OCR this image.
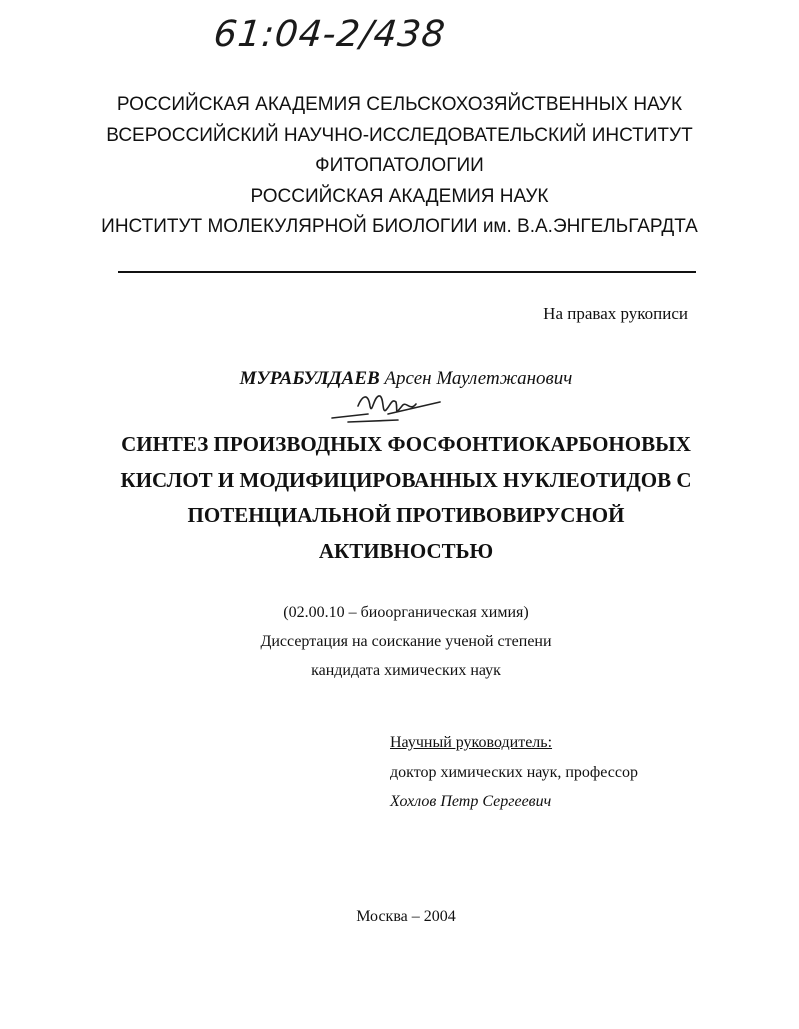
61:04-2/438
РОССИЙСКАЯ АКАДЕМИЯ СЕЛЬСКОХОЗЯЙСТВЕННЫХ НАУК
ВСЕРОССИЙСКИЙ НАУЧНО-ИССЛЕДОВАТЕЛЬСКИЙ ИНСТИТУТ
ФИТОПАТОЛОГИИ
РОССИЙСКАЯ АКАДЕМИЯ НАУК
ИНСТИТУТ МОЛЕКУЛЯРНОЙ БИОЛОГИИ им. В.А.ЭНГЕЛЬГАРДТА
На правах рукописи
МУРАБУЛДАЕВ Арсен Маулетжанович
СИНТЕЗ ПРОИЗВОДНЫХ ФОСФОНТИОКАРБОНОВЫХ
КИСЛОТ И МОДИФИЦИРОВАННЫХ НУКЛЕОТИДОВ С
ПОТЕНЦИАЛЬНОЙ ПРОТИВОВИРУСНОЙ
АКТИВНОСТЬЮ
(02.00.10 – биоорганическая химия)
Диссертация на соискание ученой степени
кандидата химических наук
Научный руководитель:
доктор химических наук, профессор
Хохлов Петр Сергеевич
Москва – 2004
